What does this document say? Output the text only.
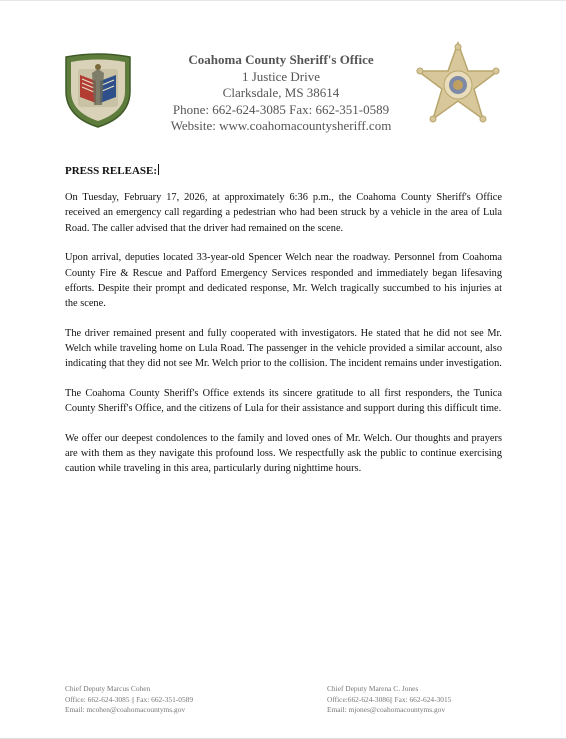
Coahoma County Sheriff's Office
1 Justice Drive
Clarksdale, MS 38614
Phone: 662-624-3085 Fax: 662-351-0589
Website: www.coahomacountysheriff.com
PRESS RELEASE:

On Tuesday, February 17, 2026, at approximately 6:36 p.m., the Coahoma County Sheriff's Office received an emergency call regarding a pedestrian who had been struck by a vehicle in the area of Lula Road. The caller advised that the driver had remained on the scene.

Upon arrival, deputies located 33-year-old Spencer Welch near the roadway. Personnel from Coahoma County Fire & Rescue and Pafford Emergency Services responded and immediately began lifesaving efforts. Despite their prompt and dedicated response, Mr. Welch tragically succumbed to his injuries at the scene.

The driver remained present and fully cooperated with investigators. He stated that he did not see Mr. Welch while traveling home on Lula Road. The passenger in the vehicle provided a similar account, also indicating that they did not see Mr. Welch prior to the collision. The incident remains under investigation.

The Coahoma County Sheriff's Office extends its sincere gratitude to all first responders, the Tunica County Sheriff's Office, and the citizens of Lula for their assistance and support during this difficult time.

We offer our deepest condolences to the family and loved ones of Mr. Welch. Our thoughts and prayers are with them as they navigate this profound loss. We respectfully ask the public to continue exercising caution while traveling in this area, particularly during nighttime hours.

Chief Deputy Marcus Cohen
Office: 662-624-3085 || Fax: 662-351-0589
Email: mcohen@coahomacountyms.gov
Chief Deputy Marena C. Jones
Office:662-624-3086|| Fax: 662-624-3015
Email: mjones@coahomacountyms.gov
